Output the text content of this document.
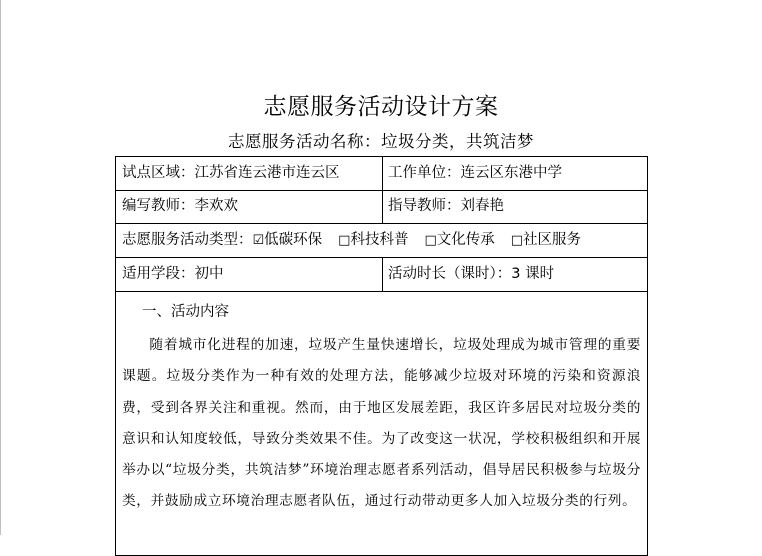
志愿服务活动设计方案
志愿服务活动名称：垃圾分类，共筑洁梦
试点区域：江苏省连云港市连云区	工作单位：连云区东港中学
编写教师：李欢欢	指导教师：刘春艳
志愿服务活动类型：☑低碳环保 □科技科普 □文化传承 □社区服务
适用学段：初中	活动时长（课时）：3 课时
一、活动内容
随着城市化进程的加速，垃圾产生量快速增长，垃圾处理成为城市管理的重要课题。垃圾分类作为一种有效的处理方法，能够减少垃圾对环境的污染和资源浪费，受到各界关注和重视。然而，由于地区发展差距，我区许多居民对垃圾分类的意识和认知度较低，导致分类效果不佳。为了改变这一状况，学校积极组织和开展举办以“垃圾分类，共筑洁梦”环境治理志愿者系列活动，倡导居民积极参与垃圾分类，并鼓励成立环境治理志愿者队伍，通过行动带动更多人加入垃圾分类的行列。
